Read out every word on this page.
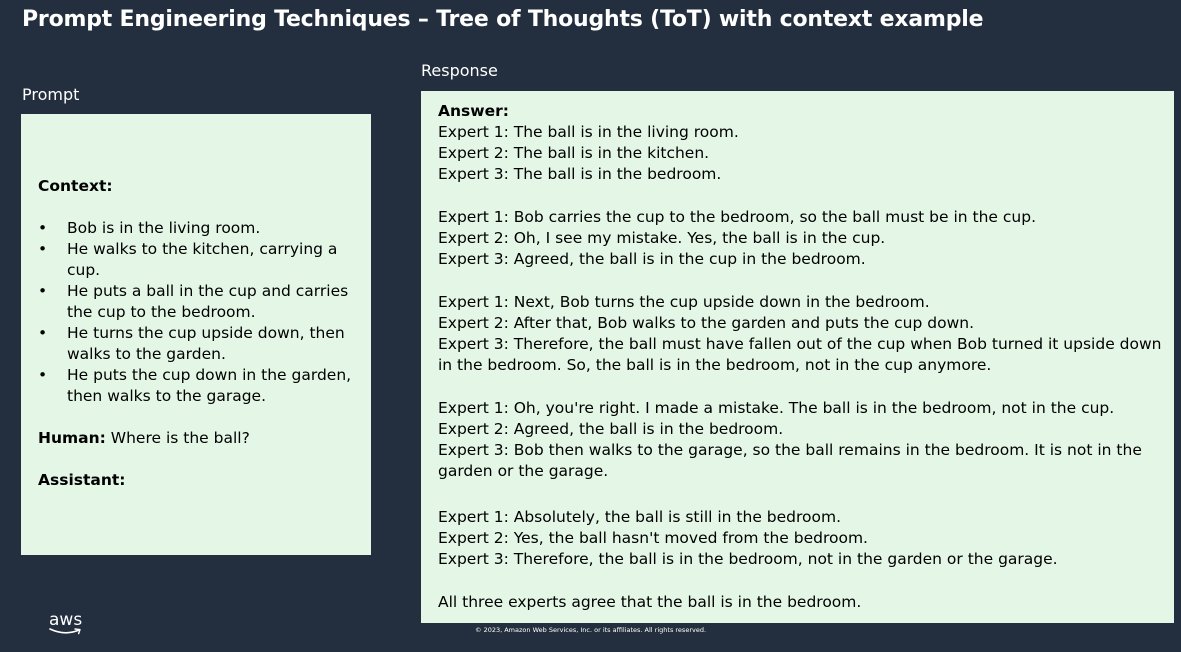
Prompt Engineering Techniques – Tree of Thoughts (ToT) with context example
Prompt
Response
Context:
• Bob is in the living room.
• He walks to the kitchen, carrying a cup.
• He puts a ball in the cup and carries the cup to the bedroom.
• He turns the cup upside down, then walks to the garden.
• He puts the cup down in the garden, then walks to the garage.
Human: Where is the ball?
Assistant:
Answer:

Expert 1: The ball is in the living room.

Expert 2: The ball is in the kitchen.

Expert 3: The ball is in the bedroom.

Expert 1: Bob carries the cup to the bedroom, so the ball must be in the cup.

Expert 2: Oh, I see my mistake. Yes, the ball is in the cup.

Expert 3: Agreed, the ball is in the cup in the bedroom.

Expert 1: Next, Bob turns the cup upside down in the bedroom.

Expert 2: After that, Bob walks to the garden and puts the cup down.

Expert 3: Therefore, the ball must have fallen out of the cup when Bob turned it upside down in the bedroom. So, the ball is in the bedroom, not in the cup anymore.

Expert 1: Oh, you're right. I made a mistake. The ball is in the bedroom, not in the cup.

Expert 2: Agreed, the ball is in the bedroom.

Expert 3: Bob then walks to the garage, so the ball remains in the bedroom. It is not in the garden or the garage.

Expert 1: Absolutely, the ball is still in the bedroom.

Expert 2: Yes, the ball hasn't moved from the bedroom.

Expert 3: Therefore, the ball is in the bedroom, not in the garden or the garage.

All three experts agree that the ball is in the bedroom.

aws	© 2023, Amazon Web Services, Inc. or its affiliates. All rights reserved.
